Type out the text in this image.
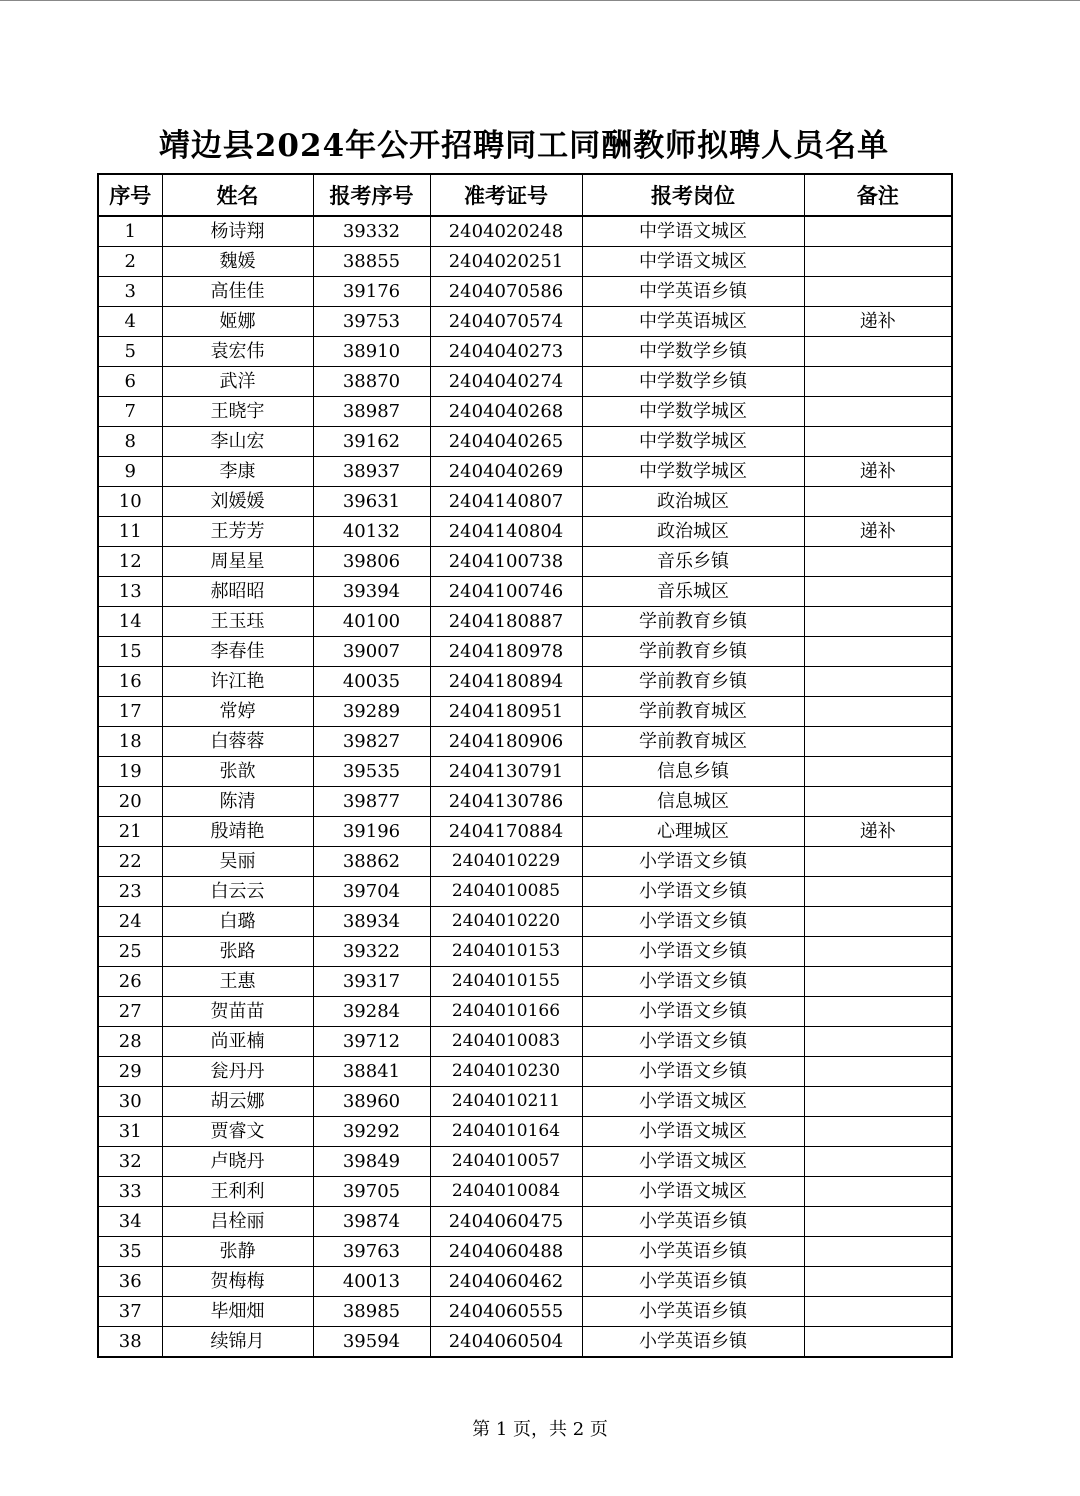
靖边县2024年公开招聘同工同酬教师拟聘人员名单
序号	姓名	报考序号	准考证号	报考岗位	备注
1	杨诗翔	39332	2404020248	中学语文城区	
2	魏媛	38855	2404020251	中学语文城区	
3	高佳佳	39176	2404070586	中学英语乡镇	
4	姬娜	39753	2404070574	中学英语城区	递补
5	袁宏伟	38910	2404040273	中学数学乡镇	
6	武洋	38870	2404040274	中学数学乡镇	
7	王晓宇	38987	2404040268	中学数学城区	
8	李山宏	39162	2404040265	中学数学城区	
9	李康	38937	2404040269	中学数学城区	递补
10	刘媛媛	39631	2404140807	政治城区	
11	王芳芳	40132	2404140804	政治城区	递补
12	周星星	39806	2404100738	音乐乡镇	
13	郝昭昭	39394	2404100746	音乐城区	
14	王玉珏	40100	2404180887	学前教育乡镇	
15	李春佳	39007	2404180978	学前教育乡镇	
16	许江艳	40035	2404180894	学前教育乡镇	
17	常婷	39289	2404180951	学前教育城区	
18	白蓉蓉	39827	2404180906	学前教育城区	
19	张歆	39535	2404130791	信息乡镇	
20	陈清	39877	2404130786	信息城区	
21	殷靖艳	39196	2404170884	心理城区	递补
22	吴丽	38862	2404010229	小学语文乡镇	
23	白云云	39704	2404010085	小学语文乡镇	
24	白璐	38934	2404010220	小学语文乡镇	
25	张路	39322	2404010153	小学语文乡镇	
26	王惠	39317	2404010155	小学语文乡镇	
27	贺苗苗	39284	2404010166	小学语文乡镇	
28	尚亚楠	39712	2404010083	小学语文乡镇	
29	瓮丹丹	38841	2404010230	小学语文乡镇	
30	胡云娜	38960	2404010211	小学语文城区	
31	贾睿文	39292	2404010164	小学语文城区	
32	卢晓丹	39849	2404010057	小学语文城区	
33	王利利	39705	2404010084	小学语文城区	
34	吕栓丽	39874	2404060475	小学英语乡镇	
35	张静	39763	2404060488	小学英语乡镇	
36	贺梅梅	40013	2404060462	小学英语乡镇	
37	毕畑畑	38985	2404060555	小学英语乡镇	
38	续锦月	39594	2404060504	小学英语乡镇	
第 1 页，共 2 页
